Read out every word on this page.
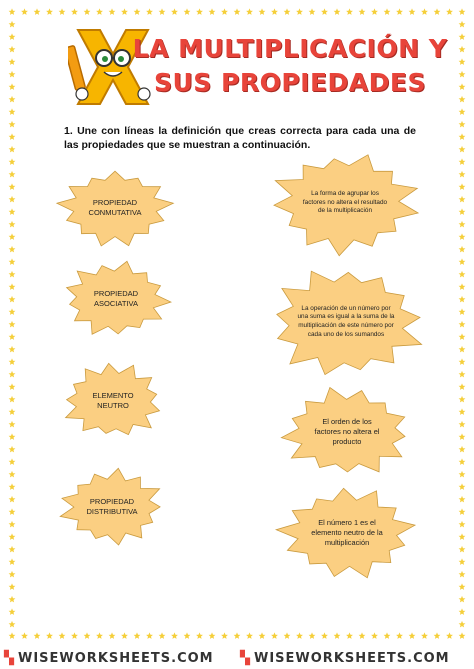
LA MULTIPLICACIÓN Y
SUS PROPIEDADES
1. Une con líneas la definición que creas correcta para cada una de las propiedades que se muestran a continuación.
PROPIEDAD CONMUTATIVA
PROPIEDAD ASOCIATIVA
ELEMENTO NEUTRO
PROPIEDAD DISTRIBUTIVA
La forma de agrupar los factores no altera el resultado de la multiplicación
La operación de un número por una suma es igual a la suma de la multiplicación de este número por cada uno de los sumandos
El orden de los factores no altera el producto
El número 1 es el elemento neutro de la multiplicación
▚ WISEWORKSHEETS.COM ▚ WISEWORKSHEETS.COM
